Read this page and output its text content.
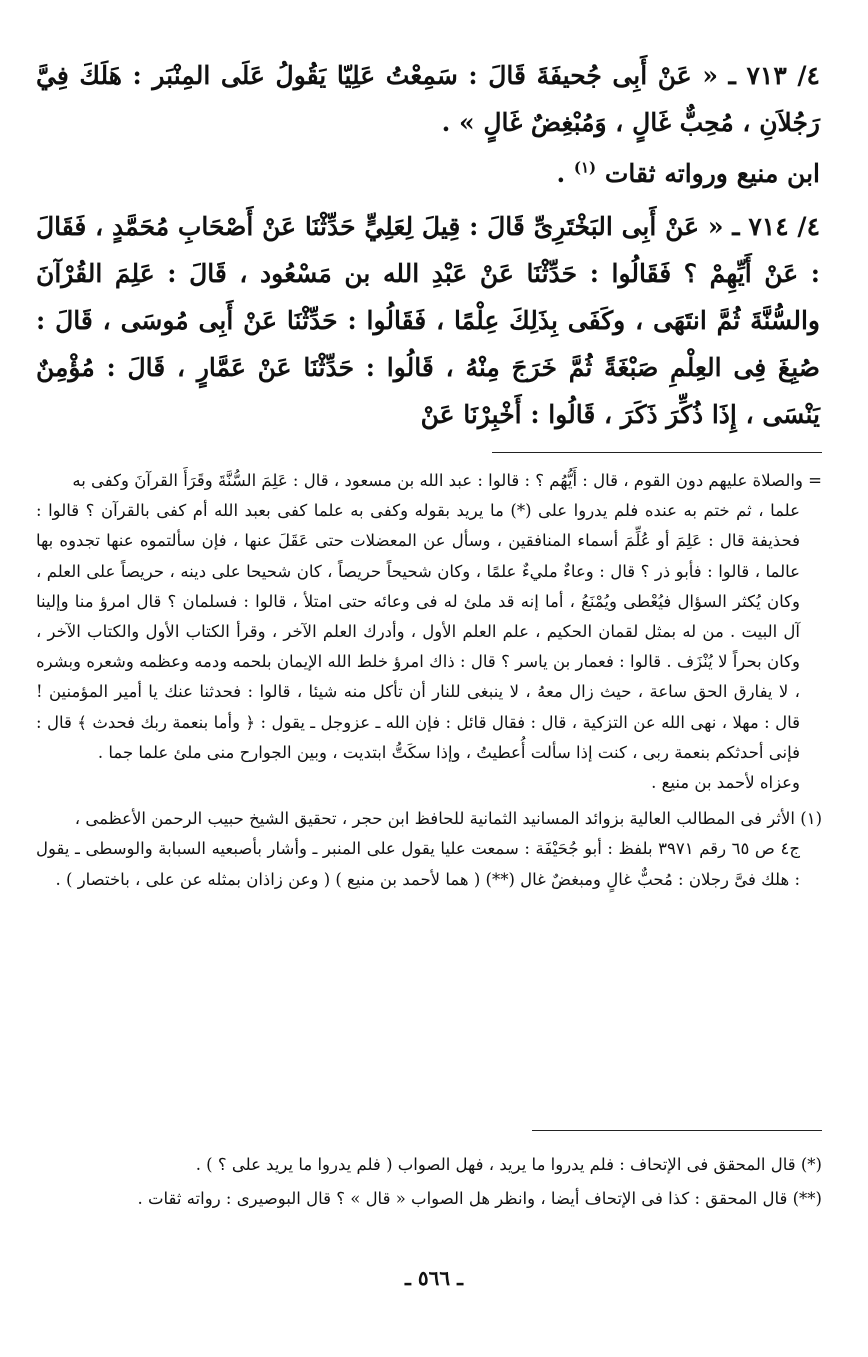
٤/ ٧١٣ ـ « عَنْ أَبِى جُحيفَةَ قَالَ : سَمِعْتُ عَلِيّا يَقُولُ عَلَى المِنْبَر : هَلَكَ فِيَّ رَجُلاَنِ ، مُحِبٌّ غَالٍ ، وَمُبْغِضٌ غَالٍ » .

ابن منيع ورواته ثقات $^{(١)}$ .

٤/ ٧١٤ ـ « عَنْ أَبِى البَخْتَرِىِّ قَالَ : قِيلَ لِعَلِيٍّ حَدِّثْنَا عَنْ أَصْحَابِ مُحَمَّدٍ ، فَقَالَ : عَنْ أَيِّهِمْ ؟ فَقَالُوا : حَدِّثْنَا عَنْ عَبْدِ الله بن مَسْعُود ، قَالَ : عَلِمَ القُرْآنَ والسُّنَّةَ ثُمَّ انتَهَى ، وكَفَى بِذَلِكَ عِلْمًا ، فَقَالُوا : حَدِّثْنَا عَنْ أَبِى مُوسَى ، قَالَ : صُبِغَ فِى العِلْمِ صَبْغَةً ثُمَّ خَرَجَ مِنْهُ ، قَالُوا : حَدِّثْنَا عَنْ عَمَّارٍ ، قَالَ : مُؤْمِنٌ يَنْسَى ، إِذَا ذُكِّرَ ذَكَرَ ، قَالُوا : أَخْبِرْنَا عَنْ

= والصلاة عليهم دون القوم ، قال : أَيُّهُم ؟ : قالوا : عبد الله بن مسعود ، قال : عَلِمَ السُّنَّةَ وقَرَأَ القرآنَ وكفى به

علما ، ثم ختم به عنده فلم يدروا على (*) ما يريد بقوله وكفى به علما كفى بعبد الله أم كفى بالقرآن ؟ قالوا : فحذيفة قال : عَلِمَ أو عُلِّمَ أسماء المنافقين ، وسأل عن المعضلات حتى عَقَلَ عنها ، فإن سألتموه عنها تجدوه بها عالما ، قالوا : فأبو ذر ؟ قال : وعاءٌ مليءٌ علمًا ، وكان شحيحاً حريصاً ، كان شحيحا على دينه ، حريصاً على العلم ، وكان يُكثر السؤال فيُعْطى ويُمْنَعُ ، أما إنه قد ملئ له فى وعائه حتى امتلأ ، قالوا : فسلمان ؟ قال امرؤ منا وإلينا آل البيت . من له بمثل لقمان الحكيم ، علم العلم الأول ، وأدرك العلم الآخر ، وقرأ الكتاب الأول والكتاب الآخر ، وكان بحراً لا يُنْزَف . قالوا : فعمار بن ياسر ؟ قال : ذاك امرؤ خلط الله الإيمان بلحمه ودمه وعظمه وشعره وبشره ، لا يفارق الحق ساعة ، حيث زال معهُ ، لا ينبغى للنار أن تأكل منه شيئا ، قالوا : فحدثنا عنك يا أمير المؤمنين ! قال : مهلا ، نهى الله عن التزكية ، قال : فقال قائل : فإن الله ـ عزوجل ـ يقول : ﴿ وأما بنعمة ربك فحدث ﴾ قال : فإنى أحدثكم بنعمة ربى ، كنت إذا سألت أُعطيتُ ، وإذا سكَتُّ ابتديت ، وبين الجوارح منى ملئ علما جما .

وعزاه لأحمد بن منيع .

(١) الأثر فى المطالب العالية بزوائد المسانيد الثمانية للحافظ ابن حجر ، تحقيق الشيخ حبيب الرحمن الأعظمى ،

ج٤ ص ٦٥ رقم ٣٩٧١ بلفظ : أبو جُحَيْفَة : سمعت عليا يقول على المنبر ـ وأشار بأصبعيه السبابة والوسطى ـ يقول : هلك فىَّ رجلان : مُحبٌّ غالٍ ومبغضٌ غال (**) ( هما لأحمد بن منيع ) ( وعن زاذان بمثله عن على ، باختصار ) .

(*) قال المحقق فى الإتحاف : فلم يدروا ما يريد ، فهل الصواب ( فلم يدروا ما يريد على ؟ ) .

(**) قال المحقق : كذا فى الإتحاف أيضا ، وانظر هل الصواب « قال » ؟ قال البوصيرى : رواته ثقات .

ـ ٥٦٦ ـ
